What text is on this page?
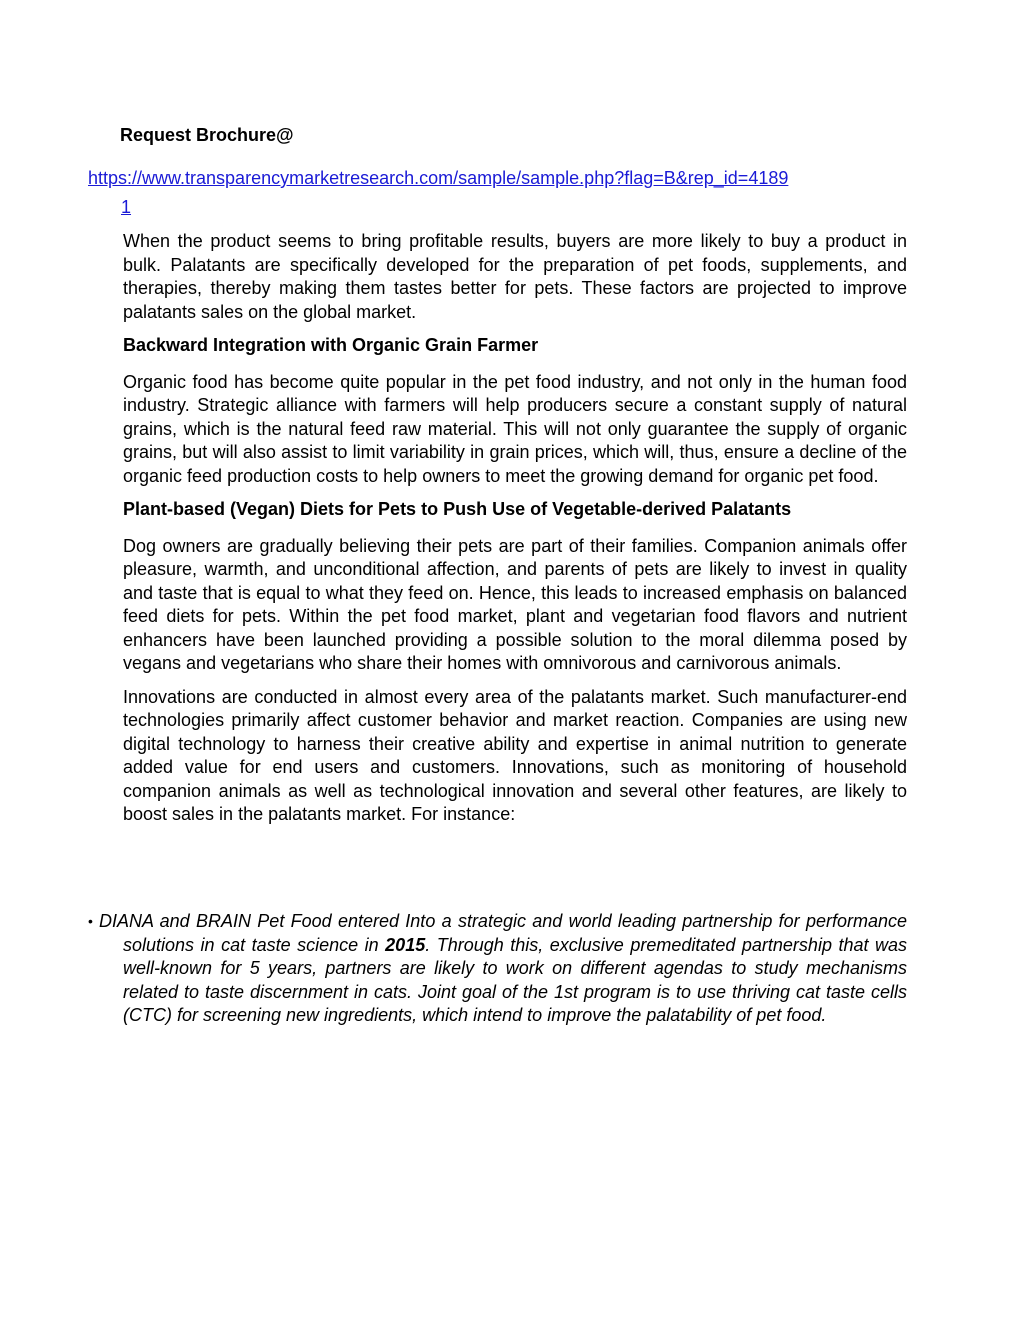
Request Brochure@

https://www.transparencymarketresearch.com/sample/sample.php?flag=B&rep_id=4189
1

When the product seems to bring profitable results, buyers are more likely to buy a product in bulk. Palatants are specifically developed for the preparation of pet foods, supplements, and therapies, thereby making them tastes better for pets. These factors are projected to improve palatants sales on the global market.

Backward Integration with Organic Grain Farmer

Organic food has become quite popular in the pet food industry, and not only in the human food industry. Strategic alliance with farmers will help producers secure a constant supply of natural grains, which is the natural feed raw material. This will not only guarantee the supply of organic grains, but will also assist to limit variability in grain prices, which will, thus, ensure a decline of the organic feed production costs to help owners to meet the growing demand for organic pet food.

Plant-based (Vegan) Diets for Pets to Push Use of Vegetable-derived Palatants

Dog owners are gradually believing their pets are part of their families. Companion animals offer pleasure, warmth, and unconditional affection, and parents of pets are likely to invest in quality and taste that is equal to what they feed on. Hence, this leads to increased emphasis on balanced feed diets for pets. Within the pet food market, plant and vegetarian food flavors and nutrient enhancers have been launched providing a possible solution to the moral dilemma posed by vegans and vegetarians who share their homes with omnivorous and carnivorous animals.

Innovations are conducted in almost every area of the palatants market. Such manufacturer-end technologies primarily affect customer behavior and market reaction. Companies are using new digital technology to harness their creative ability and expertise in animal nutrition to generate added value for end users and customers. Innovations, such as monitoring of household companion animals as well as technological innovation and several other features, are likely to boost sales in the palatants market. For instance:

• DIANA and BRAIN Pet Food entered Into a strategic and world leading partnership for performance solutions in cat taste science in 2015. Through this, exclusive premeditated partnership that was well-known for 5 years, partners are likely to work on different agendas to study mechanisms related to taste discernment in cats. Joint goal of the 1st program is to use thriving cat taste cells (CTC) for screening new ingredients, which intend to improve the palatability of pet food.
